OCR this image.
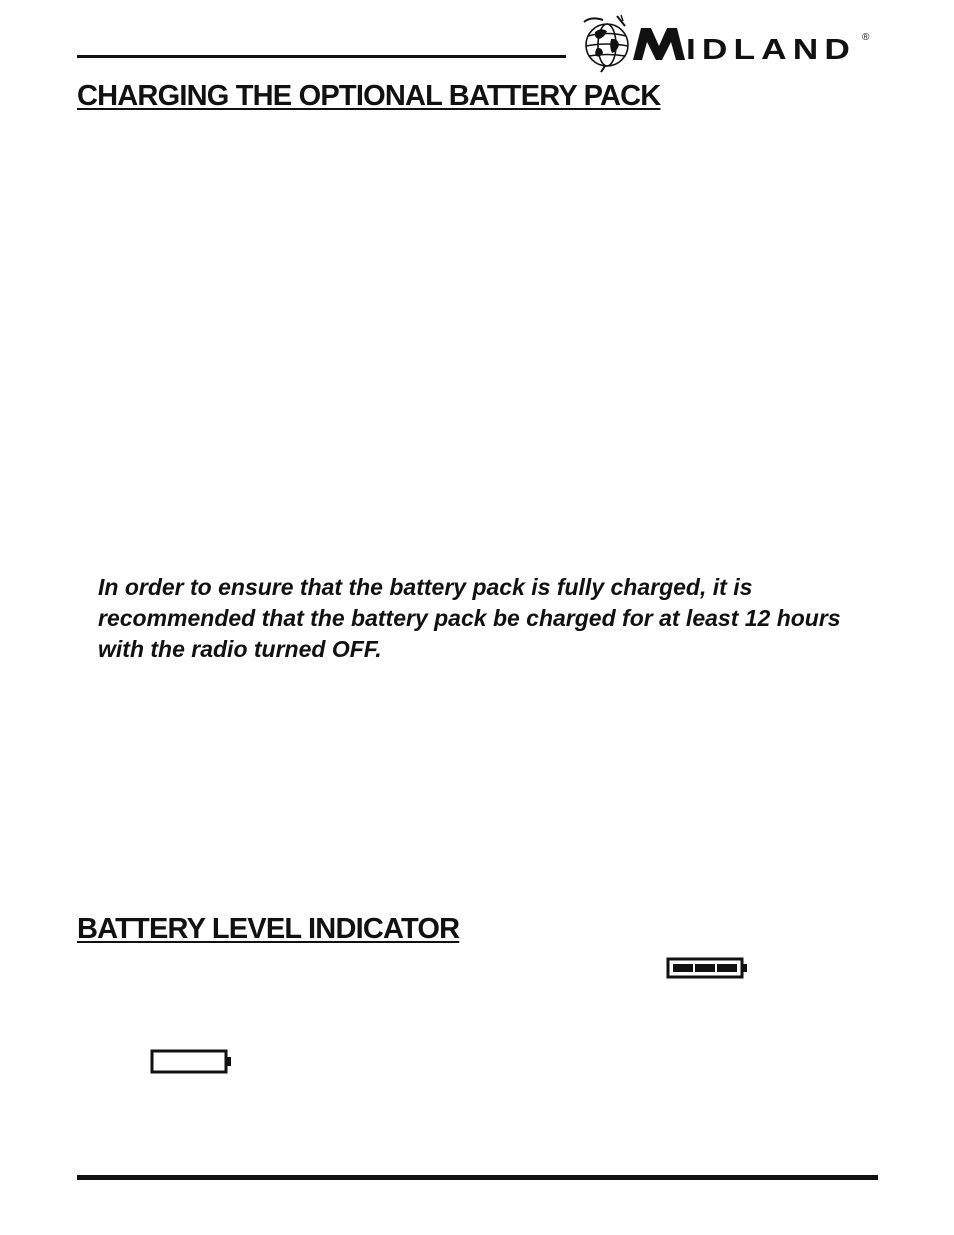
IDLAND ®
CHARGING THE OPTIONAL BATTERY PACK

In order to ensure that the battery pack is fully charged, it is recommended that the battery pack be charged for at least 12 hours with the radio turned OFF.

BATTERY LEVEL INDICATOR
